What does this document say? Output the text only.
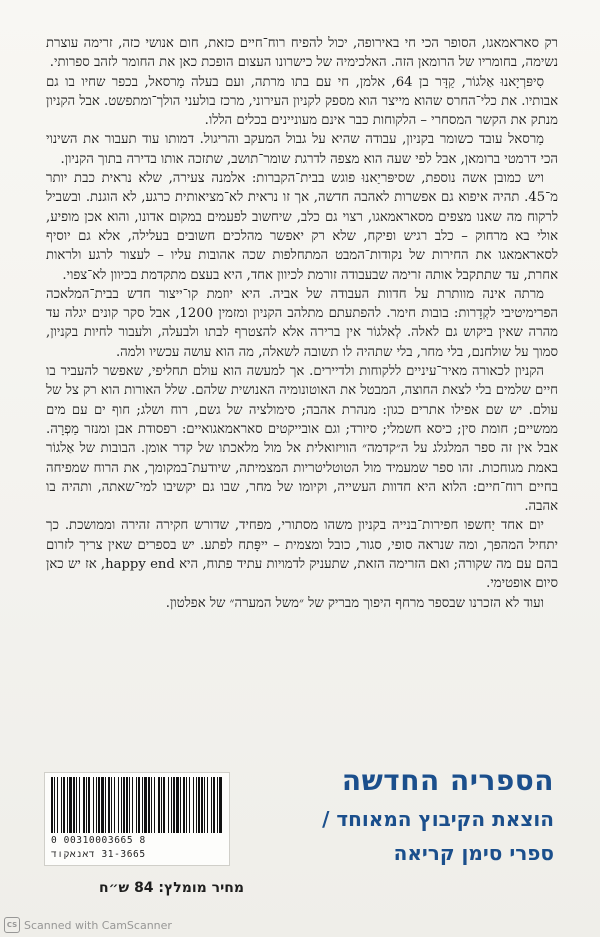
רק סאראמאגו, הסופר הכי חי באירופה, יכול להפיח רוח־חיים כזאת, חום אנושי כזה, זרימה עוצרת נשימה, בחומריו של הרומאן הזה. האלכימיה של כישרונו העצום הופכת כאן את החומר לזהב ספרותי.

סִיפּרְיָאנוּ אַלגוֹר, קַדָּר בן 64, אלמן, חי עם בתו מרתה, ועם בעלה מַרסאל, בכפר שחיו בו גם אבותיו. את כלי־החרס שהוא מייצר הוא מספק לקניון העירוני, מרכז בולעני הולך־ומתפשט. אבל הקניון מנתק את הקשר המסחרי – הלקוחות כבר אינם מעוניינים בכלים הללו.

מַרסאל עובד כשומר בקניון, עבודה שהיא על גבול המעקב והריגול. דמותו עוד תעבור את השינוי הכי דרמטי ברומאן, אבל לפי שעה הוא מצפה לדרגת שומר־תושב, שתזכה אותו בדירה בתוך הקניון.

ויש כמובן אשה נוספת, שסיפּריַאנוּ פוגש בבית־הקברות: אלמנה צעירה, שלא נראית כבת יותר מ־45. תהיה איפוא גם אפשרות לאהבה חדשה, אך זו נראית לא־מציאותית כרגע, לא הוגנת. ובשביל לרקוח מה שאנו מצפים מסאראמאגו, רצוי גם כלב, שיחשוב לפעמים במקום אדונו, והוא אכן מופיע, אולי בא מרחוק – כלב רגיש ופיקח, שלא רק יאפשר מהלכים חשובים בעלילה, אלא גם יוסיף לסאראמאגו את החירות של נקודות־המבט המתחלפות שכה אהובות עליו – לעצור לרגע ולראות אחרת, עד שתתקבל אותה זרימה שבעבודה זורמת לכיוון אחד, היא בעצם מתקדמת בכיוון לא־צפוי.

מרתה אינה מוותרת על חדוות העבודה של אביה. היא יוזמת קו־ייצור חדש בבית־המלאכה הפרימיטיבי לקְדָרות: בובות חימר. להפתעתם מתלהב הקניון ומזמין 1200, אבל סקר קונים יגלה עד מהרה שאין ביקוש גם לאלה. לְאלגוֹר אין ברירה אלא להצטרף לבתו ולבעלה, ולעבור לחיות בקניון, סמוך על שולחנם, בלי מחר, בלי שתהיה לו תשובה לשאלה, מה הוא עושה עכשיו ולמה.

הקניון לכאורה מאיר־עיניים ללקוחות ולדיירים. אך למעשה הוא עולם תחליפי, שאפשר להעביר בו חיים שלמים בלי לצאת החוצה, המבטל את האוטונומיה האנושית שלהם. שלל האורות הוא רק צל של עולם. יש שם אפילו אתרים כגון: מנהרת אהבה; סימולציה של גשם, רוח ושלג; חוף ים עם מים ממשיים; חומת סין; כיסא חשמלי; סיורד; וגם אובייקטים סאראמאגואיים: רפסודת אבן ומנזר מַפְרָה. אבל אין זה ספר המלגלג על ה״קדמה״ הוויזואלית אל מול מלאכתו של קדר אומן. הבובות של אַלגוֹר באמת מגוחכות. זהו ספר שמעמיד מול הטוטליטריות המצמיתה, שיודעת־במקומך, את הרוח שמפיחה בחיים רוח־חיים: הלוא היא חדוות העשייה, וקיומו של מחר, שבו גם יקשיבו למי־שאתה, ותהיה בו אהבה.

יום אחד יַחשפו חפירות־בנייה בקניון משהו מסתורי, מפחיד, שדורש חקירה זהירה וממושכת. כך יתחיל המהפך, ומה שנראה סופי, סגור, כובל ומצמית – ייפָּתח לפתע. יש בספרים שאין צריך לזרום בהם עם מה שקורה; ואם הזרימה הזאת, שתעניק לדמויות עתיד פתוח, היא happy end, אז יש כאן סיום אופטימי.

ועוד לא הזכרנו שבספר מרחף היפוך מבריק של ״משל המערה״ של אפלטון.

0 00310003665 8
31-3665 דאנאקוד
הספריה החדשה
הוצאת הקיבוץ המאוחד /
ספרי סימן קריאה
מחיר מומלץ: 84 ש״ח
CS Scanned with CamScanner
